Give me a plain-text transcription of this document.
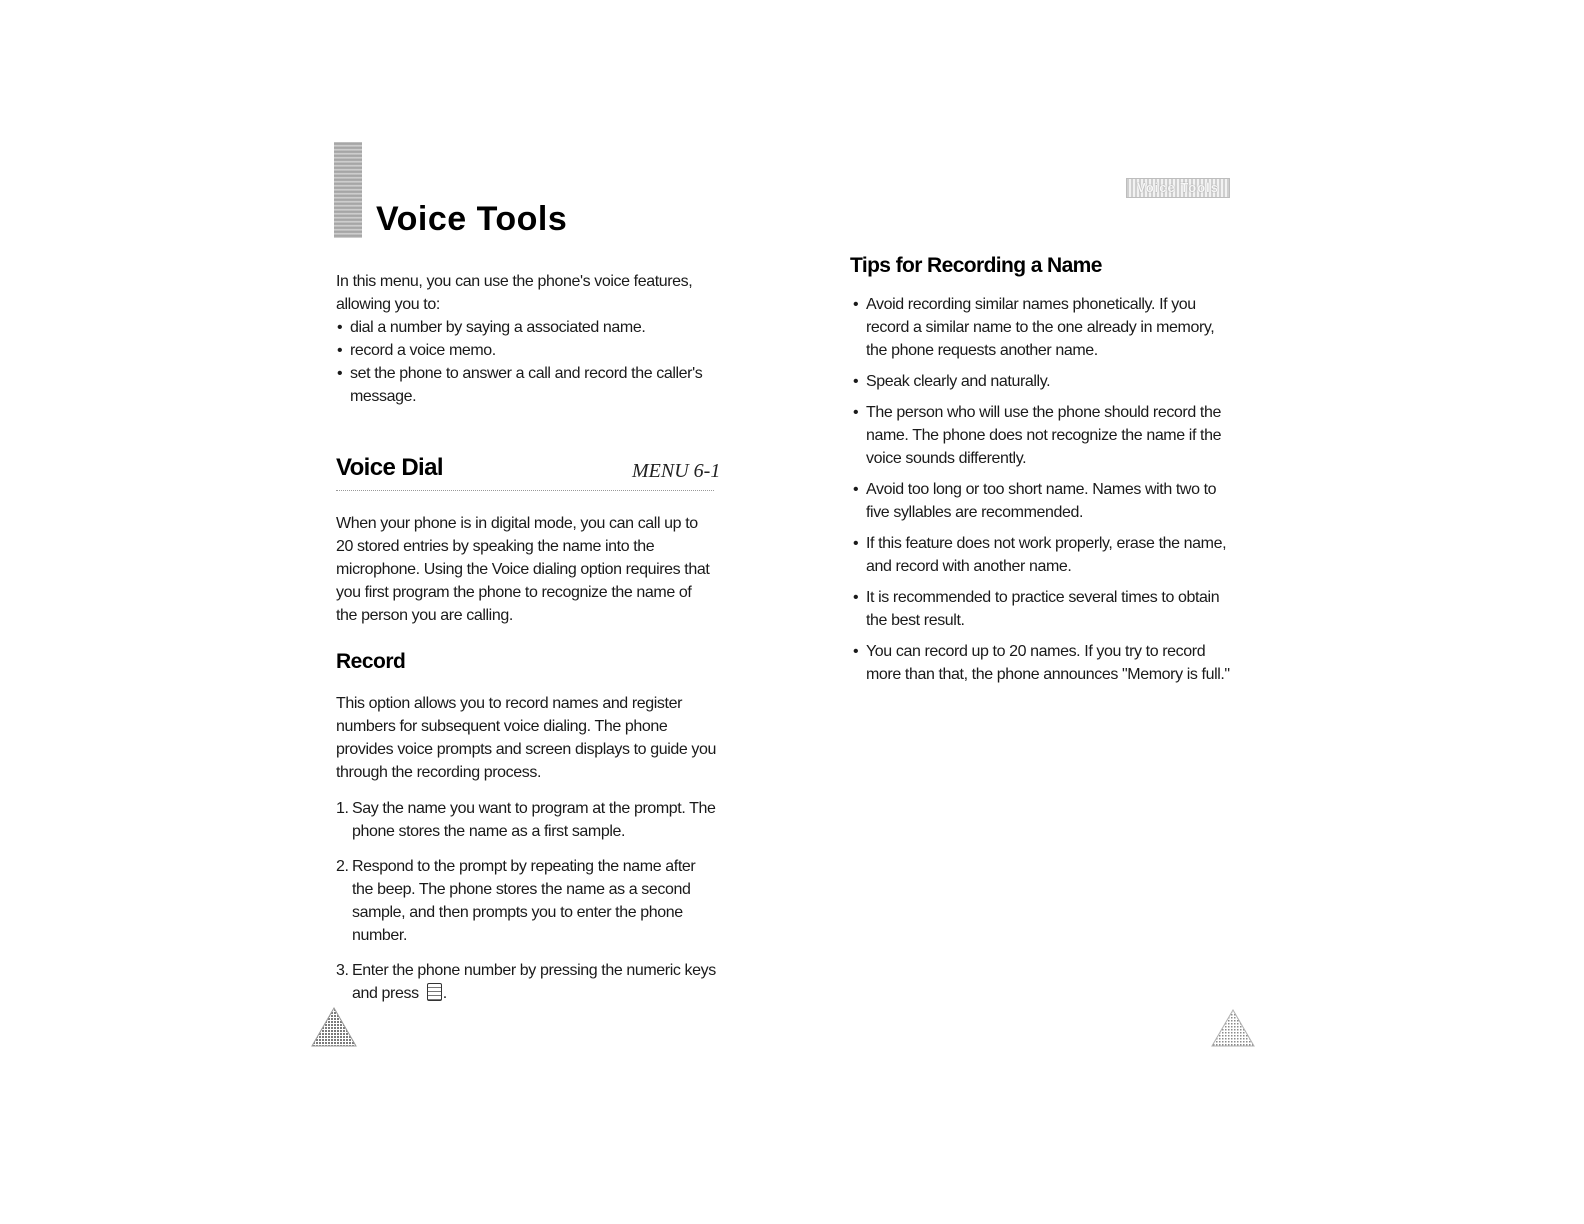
Voice Tools

In this menu, you can use the phone's voice features, allowing you to:

• dial a number by saying a associated name.
• record a voice memo.
• set the phone to answer a call and record the caller's message.
Voice Dial	MENU 6-1

When your phone is in digital mode, you can call up to 20 stored entries by speaking the name into the microphone. Using the Voice dialing option requires that you first program the phone to recognize the name of the person you are calling.

Record

This option allows you to record names and register numbers for subsequent voice dialing. The phone provides voice prompts and screen displays to guide you through the recording process.

1. Say the name you want to program at the prompt. The phone stores the name as a first sample.
2. Respond to the prompt by repeating the name after the beep. The phone stores the name as a second sample, and then prompts you to enter the phone number.
3. Enter the phone number by pressing the numeric keys and press .
Voice Tools
Tips for Recording a Name
• Avoid recording similar names phonetically. If you record a similar name to the one already in memory, the phone requests another name.
• Speak clearly and naturally.
• The person who will use the phone should record the name. The phone does not recognize the name if the voice sounds differently.
• Avoid too long or too short name. Names with two to five syllables are recommended.
• If this feature does not work properly, erase the name, and record with another name.
• It is recommended to practice several times to obtain the best result.
• You can record up to 20 names. If you try to record more than that, the phone announces "Memory is full."
